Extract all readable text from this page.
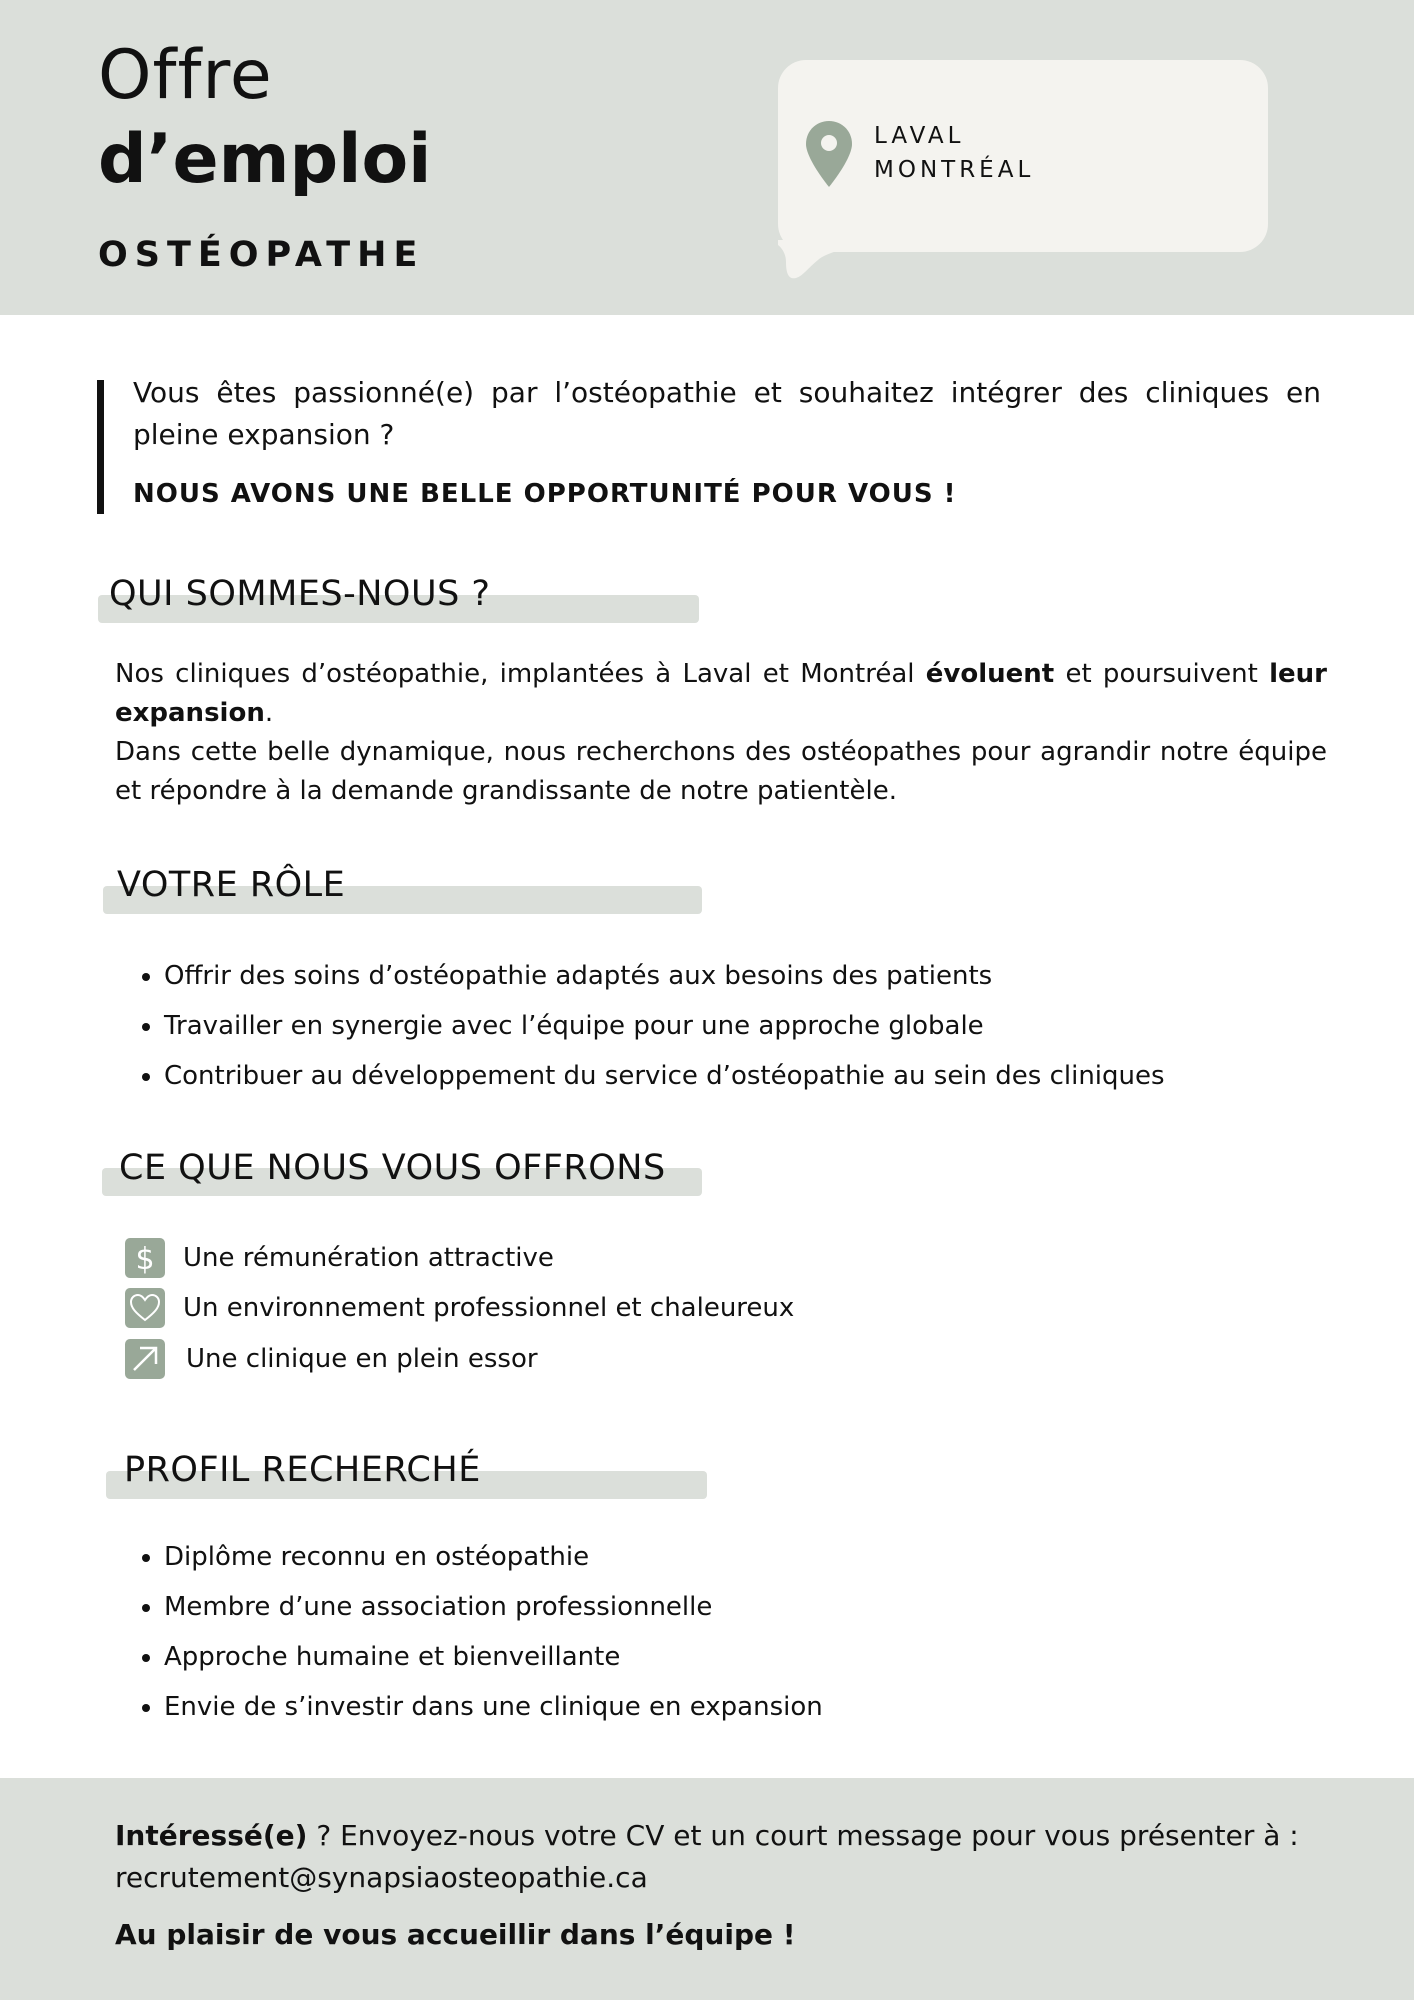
Offre
d’emploi
OSTÉOPATHE
LAVAL
MONTRÉAL
Vous êtes passionné(e) par l’ostéopathie et souhaitez intégrer des cliniques en pleine expansion ?
NOUS AVONS UNE BELLE OPPORTUNITÉ POUR VOUS !
QUI SOMMES-NOUS ?
Nos cliniques d’ostéopathie, implantées à Laval et Montréal évoluent et poursuivent leur expansion.
Dans cette belle dynamique, nous recherchons des ostéopathes pour agrandir notre équipe et répondre à la demande grandissante de notre patientèle.
VOTRE RÔLE
• Offrir des soins d’ostéopathie adaptés aux besoins des patients
• Travailler en synergie avec l’équipe pour une approche globale
• Contribuer au développement du service d’ostéopathie au sein des cliniques
CE QUE NOUS VOUS OFFRONS
$ Une rémunération attractive
Un environnement professionnel et chaleureux
Une clinique en plein essor
PROFIL RECHERCHÉ
• Diplôme reconnu en ostéopathie
• Membre d’une association professionnelle
• Approche humaine et bienveillante
• Envie de s’investir dans une clinique en expansion
Intéressé(e) ? Envoyez-nous votre CV et un court message pour vous présenter à :
recrutement@synapsiaosteopathie.ca
Au plaisir de vous accueillir dans l’équipe !
